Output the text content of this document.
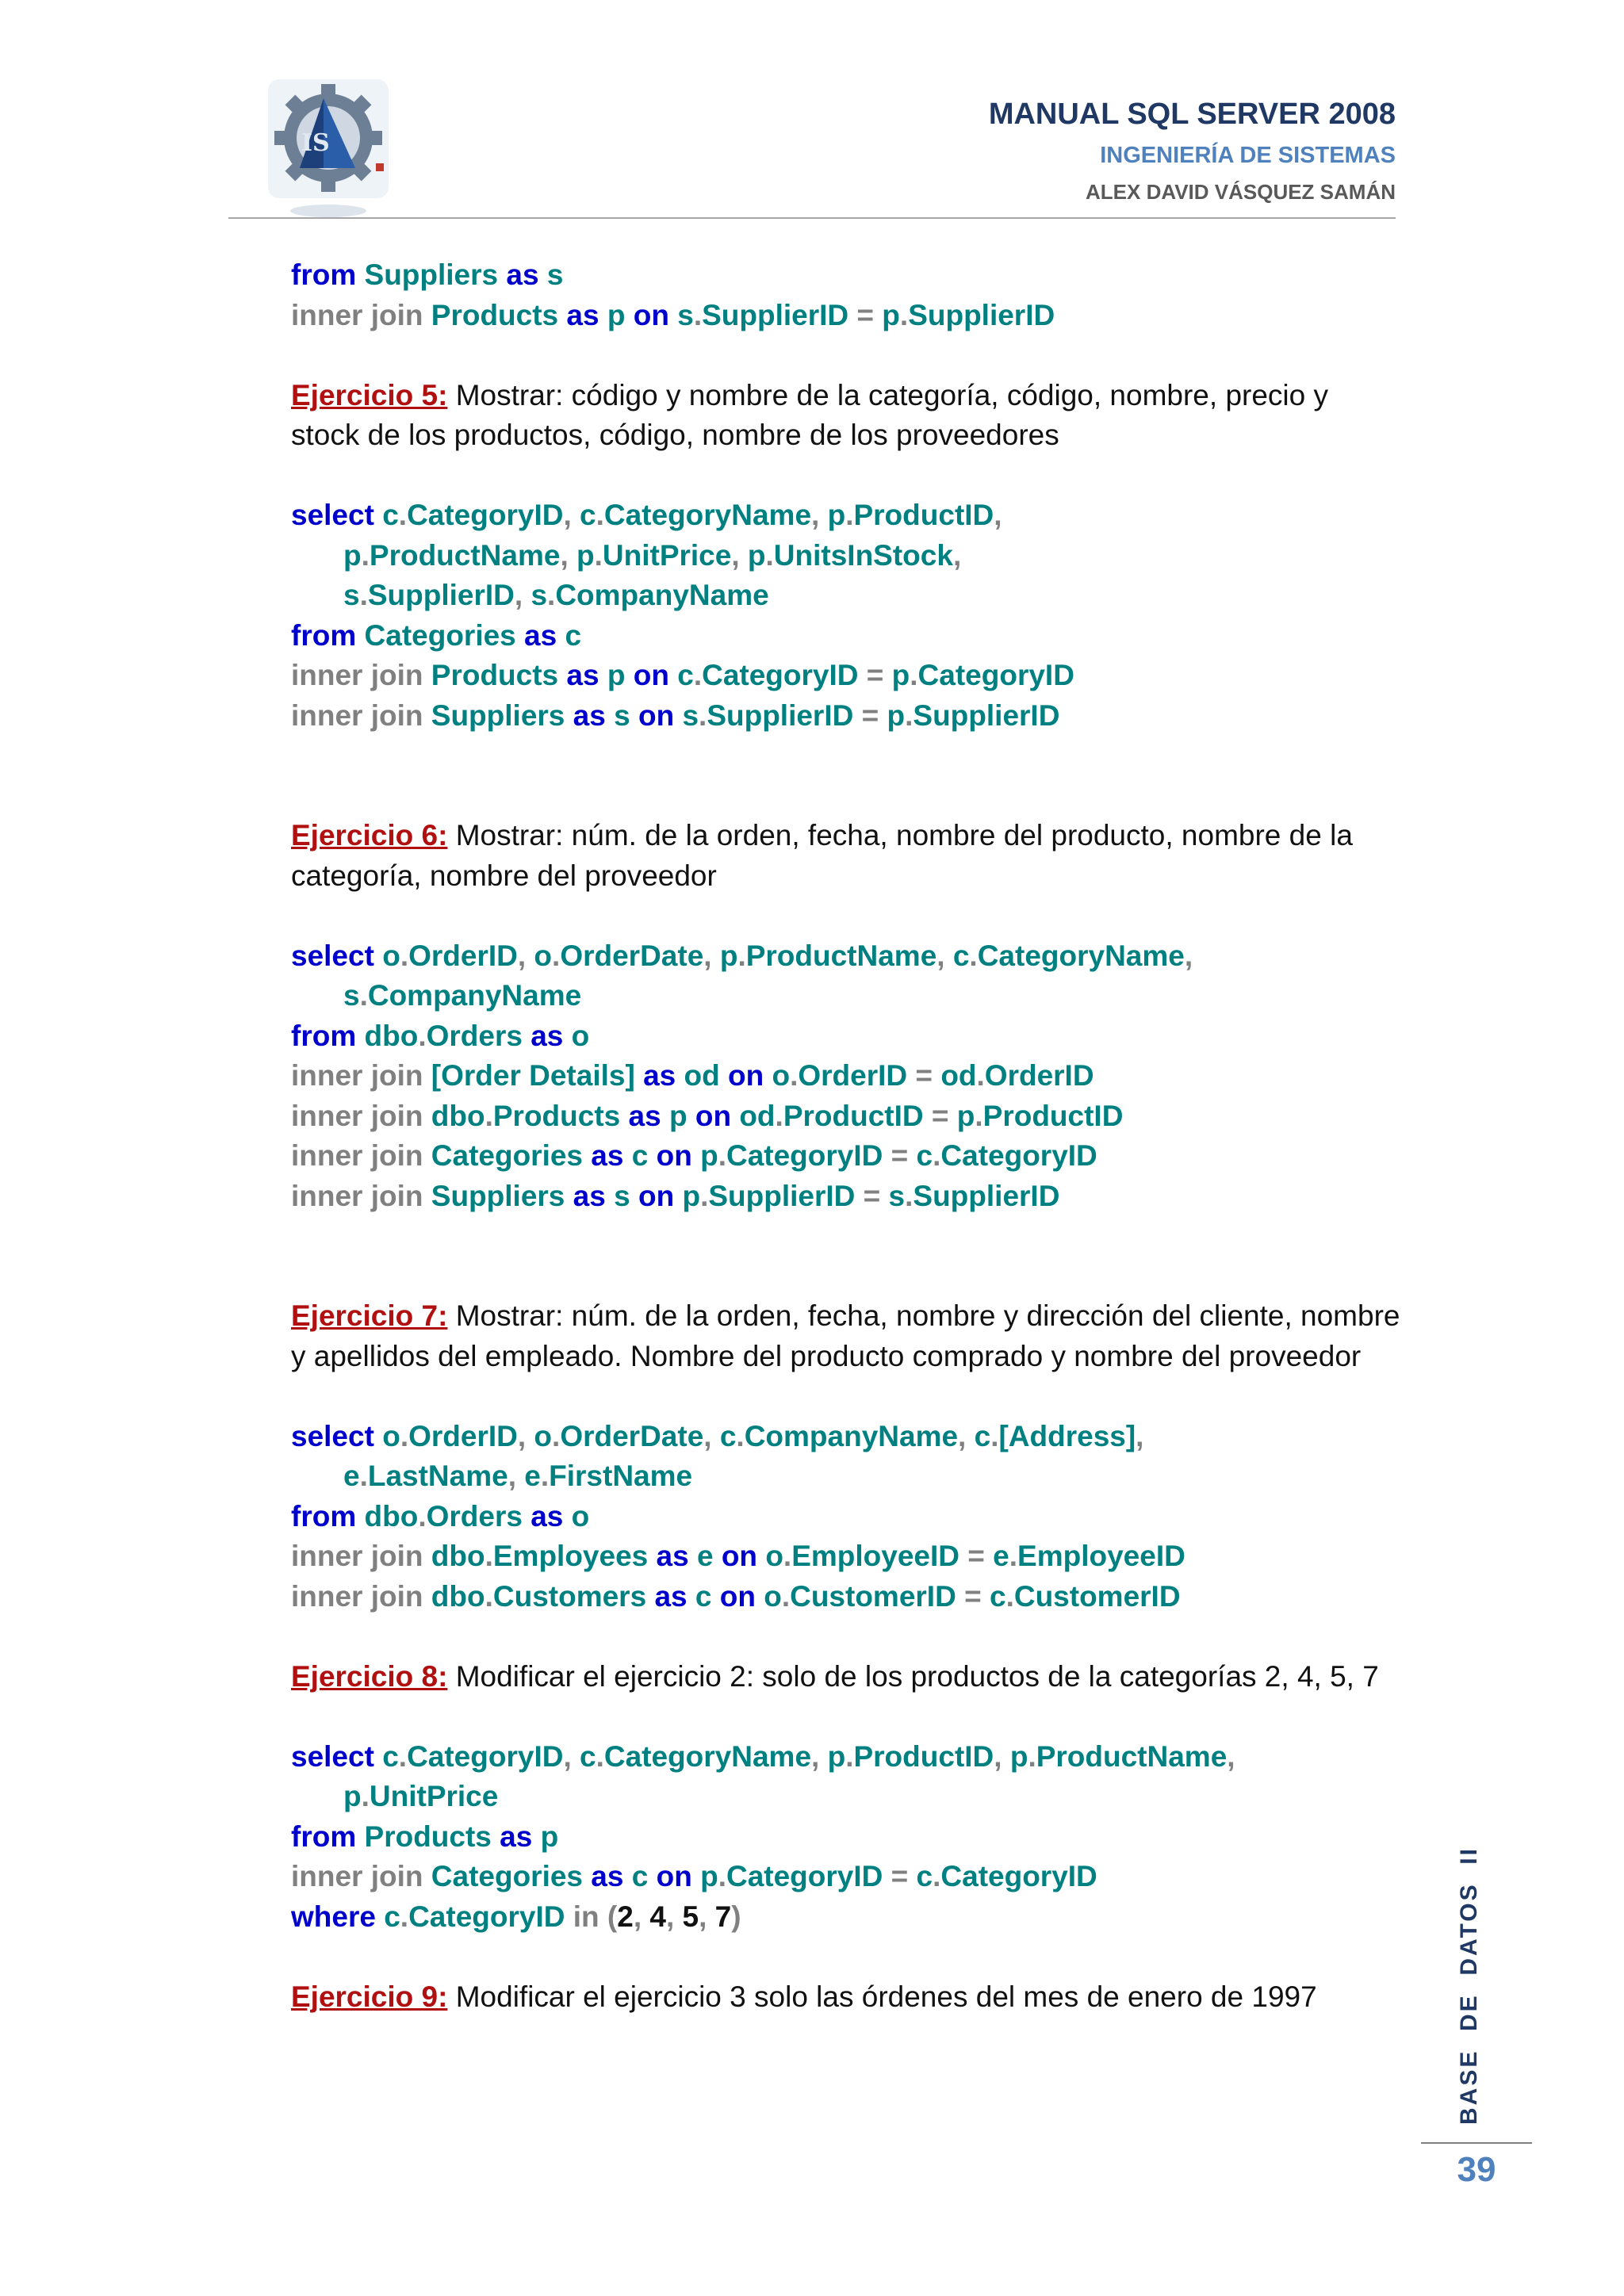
IS
MANUAL SQL SERVER 2008
INGENIERÍA DE SISTEMAS
ALEX DAVID VÁSQUEZ SAMÁN
from Suppliers as s
inner join Products as p on s.SupplierID = p.SupplierID
Ejercicio 5: Mostrar: código y nombre de la categoría, código, nombre, precio y stock de los productos, código, nombre de los proveedores
select c.CategoryID, c.CategoryName, p.ProductID,
p.ProductName, p.UnitPrice, p.UnitsInStock,
s.SupplierID, s.CompanyName
from Categories as c
inner join Products as p on c.CategoryID = p.CategoryID
inner join Suppliers as s on s.SupplierID = p.SupplierID
Ejercicio 6: Mostrar: núm. de la orden, fecha, nombre del producto, nombre de la categoría, nombre del proveedor
select o.OrderID, o.OrderDate, p.ProductName, c.CategoryName,
s.CompanyName
from dbo.Orders as o
inner join [Order Details] as od on o.OrderID = od.OrderID
inner join dbo.Products as p on od.ProductID = p.ProductID
inner join Categories as c on p.CategoryID = c.CategoryID
inner join Suppliers as s on p.SupplierID = s.SupplierID
Ejercicio 7: Mostrar: núm. de la orden, fecha, nombre y dirección del cliente, nombre y apellidos del empleado. Nombre del producto comprado y nombre del proveedor
select o.OrderID, o.OrderDate, c.CompanyName, c.[Address],
e.LastName, e.FirstName
from dbo.Orders as o
inner join dbo.Employees as e on o.EmployeeID = e.EmployeeID
inner join dbo.Customers as c on o.CustomerID = c.CustomerID
Ejercicio 8: Modificar el ejercicio 2: solo de los productos de la categorías 2, 4, 5, 7
select c.CategoryID, c.CategoryName, p.ProductID, p.ProductName,
p.UnitPrice
from Products as p
inner join Categories as c on p.CategoryID = c.CategoryID
where c.CategoryID in (2, 4, 5, 7)
Ejercicio 9: Modificar el ejercicio 3 solo las órdenes del mes de enero de 1997	BASE  DE  DATOS  II
39
